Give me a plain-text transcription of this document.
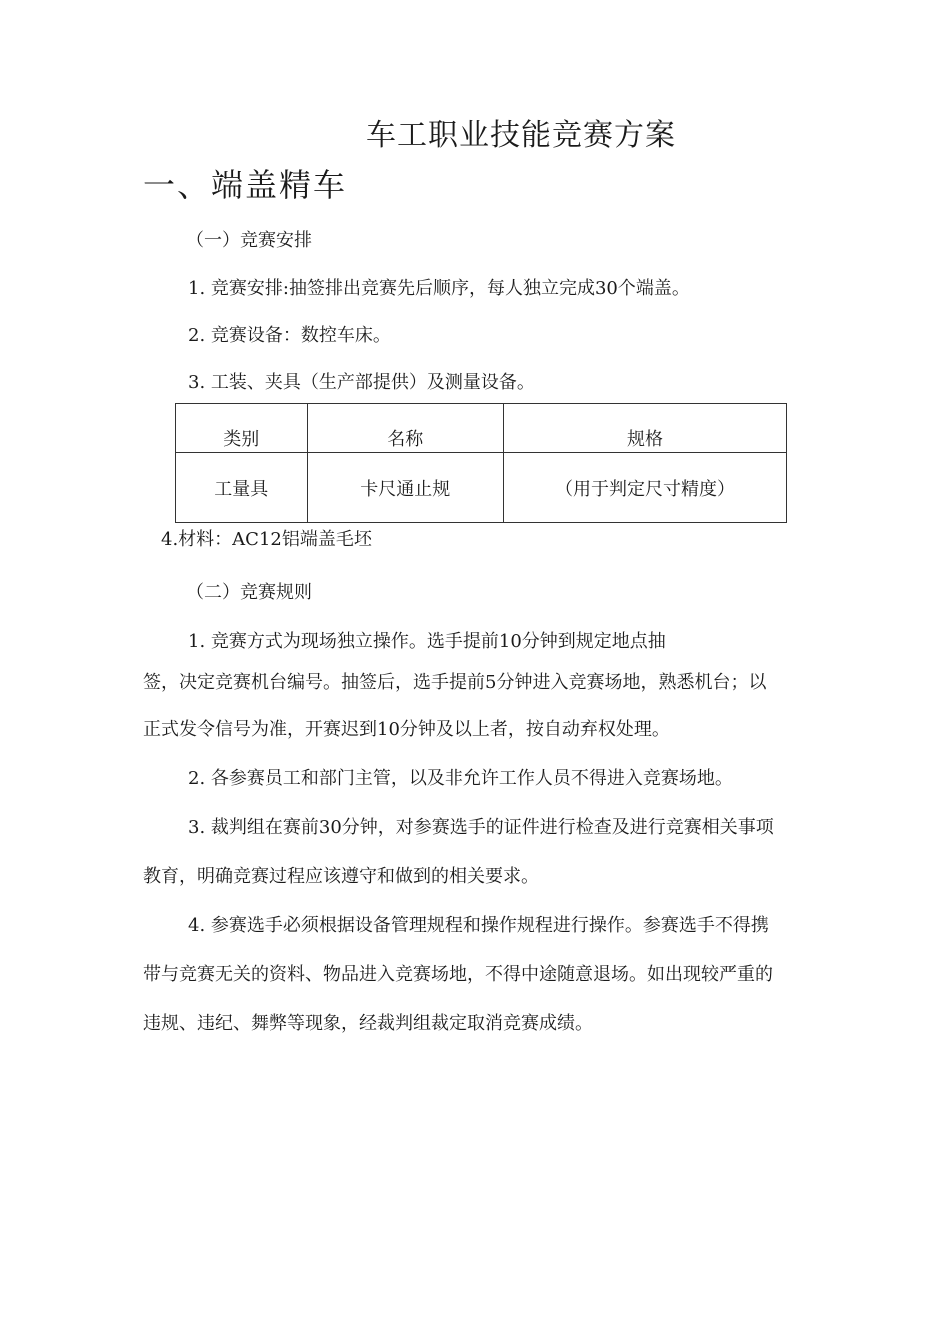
车工职业技能竞赛方案
一、端盖精车
（一）竞赛安排
1. 竞赛安排:抽签排出竞赛先后顺序，每人独立完成30个端盖。
2. 竞赛设备：数控车床。
3. 工装、夹具（生产部提供）及测量设备。
类别	名称	规格
工量具	卡尺通止规	（用于判定尺寸精度）
4.材料：AC12铝端盖毛坯
（二）竞赛规则
1. 竞赛方式为现场独立操作。选手提前10分钟到规定地点抽
签，决定竞赛机台编号。抽签后，选手提前5分钟进入竞赛场地，熟悉机台；以
正式发令信号为准，开赛迟到10分钟及以上者，按自动弃权处理。
2. 各参赛员工和部门主管，以及非允许工作人员不得进入竞赛场地。
3. 裁判组在赛前30分钟，对参赛选手的证件进行检查及进行竞赛相关事项
教育，明确竞赛过程应该遵守和做到的相关要求。
4. 参赛选手必须根据设备管理规程和操作规程进行操作。参赛选手不得携
带与竞赛无关的资料、物品进入竞赛场地，不得中途随意退场。如出现较严重的
违规、违纪、舞弊等现象，经裁判组裁定取消竞赛成绩。
